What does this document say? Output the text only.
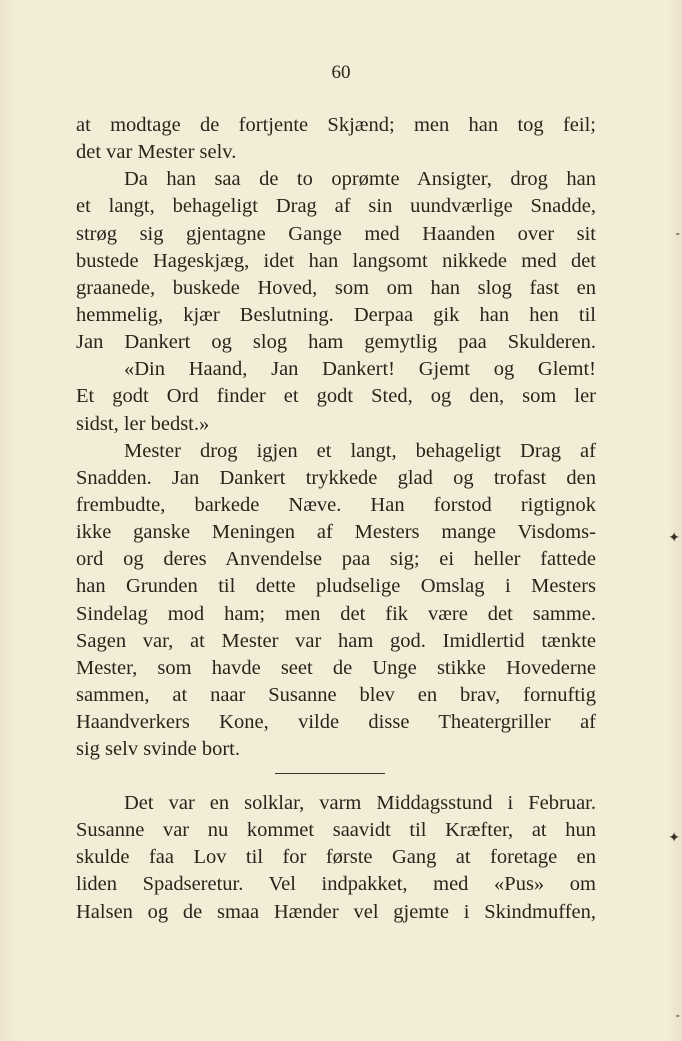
60
at modtage de fortjente Skjænd; men han tog feil;
det var Mester selv.
Da han saa de to oprømte Ansigter, drog han
et langt, behageligt Drag af sin uundværlige Snadde,
strøg sig gjentagne Gange med Haanden over sit
bustede Hageskjæg, idet han langsomt nikkede med det
graanede, buskede Hoved, som om han slog fast en
hemmelig, kjær Beslutning. Derpaa gik han hen til
Jan Dankert og slog ham gemytlig paa Skulderen.
«Din Haand, Jan Dankert! Gjemt og Glemt!
Et godt Ord finder et godt Sted, og den, som ler
sidst, ler bedst.»
Mester drog igjen et langt, behageligt Drag af
Snadden. Jan Dankert trykkede glad og trofast den
frembudte, barkede Næve. Han forstod rigtignok
ikke ganske Meningen af Mesters mange Visdoms-
ord og deres Anvendelse paa sig; ei heller fattede
han Grunden til dette pludselige Omslag i Mesters
Sindelag mod ham; men det fik være det samme.
Sagen var, at Mester var ham god. Imidlertid tænkte
Mester, som havde seet de Unge stikke Hovederne
sammen, at naar Susanne blev en brav, fornuftig
Haandverkers Kone, vilde disse Theatergriller af
sig selv svinde bort.
Det var en solklar, varm Middagsstund i Februar.
Susanne var nu kommet saavidt til Kræfter, at hun
skulde faa Lov til for første Gang at foretage en
liden Spadseretur. Vel indpakket, med «Pus» om
Halsen og de smaa Hænder vel gjemte i Skindmuffen,
˗
✦
✦
˗
